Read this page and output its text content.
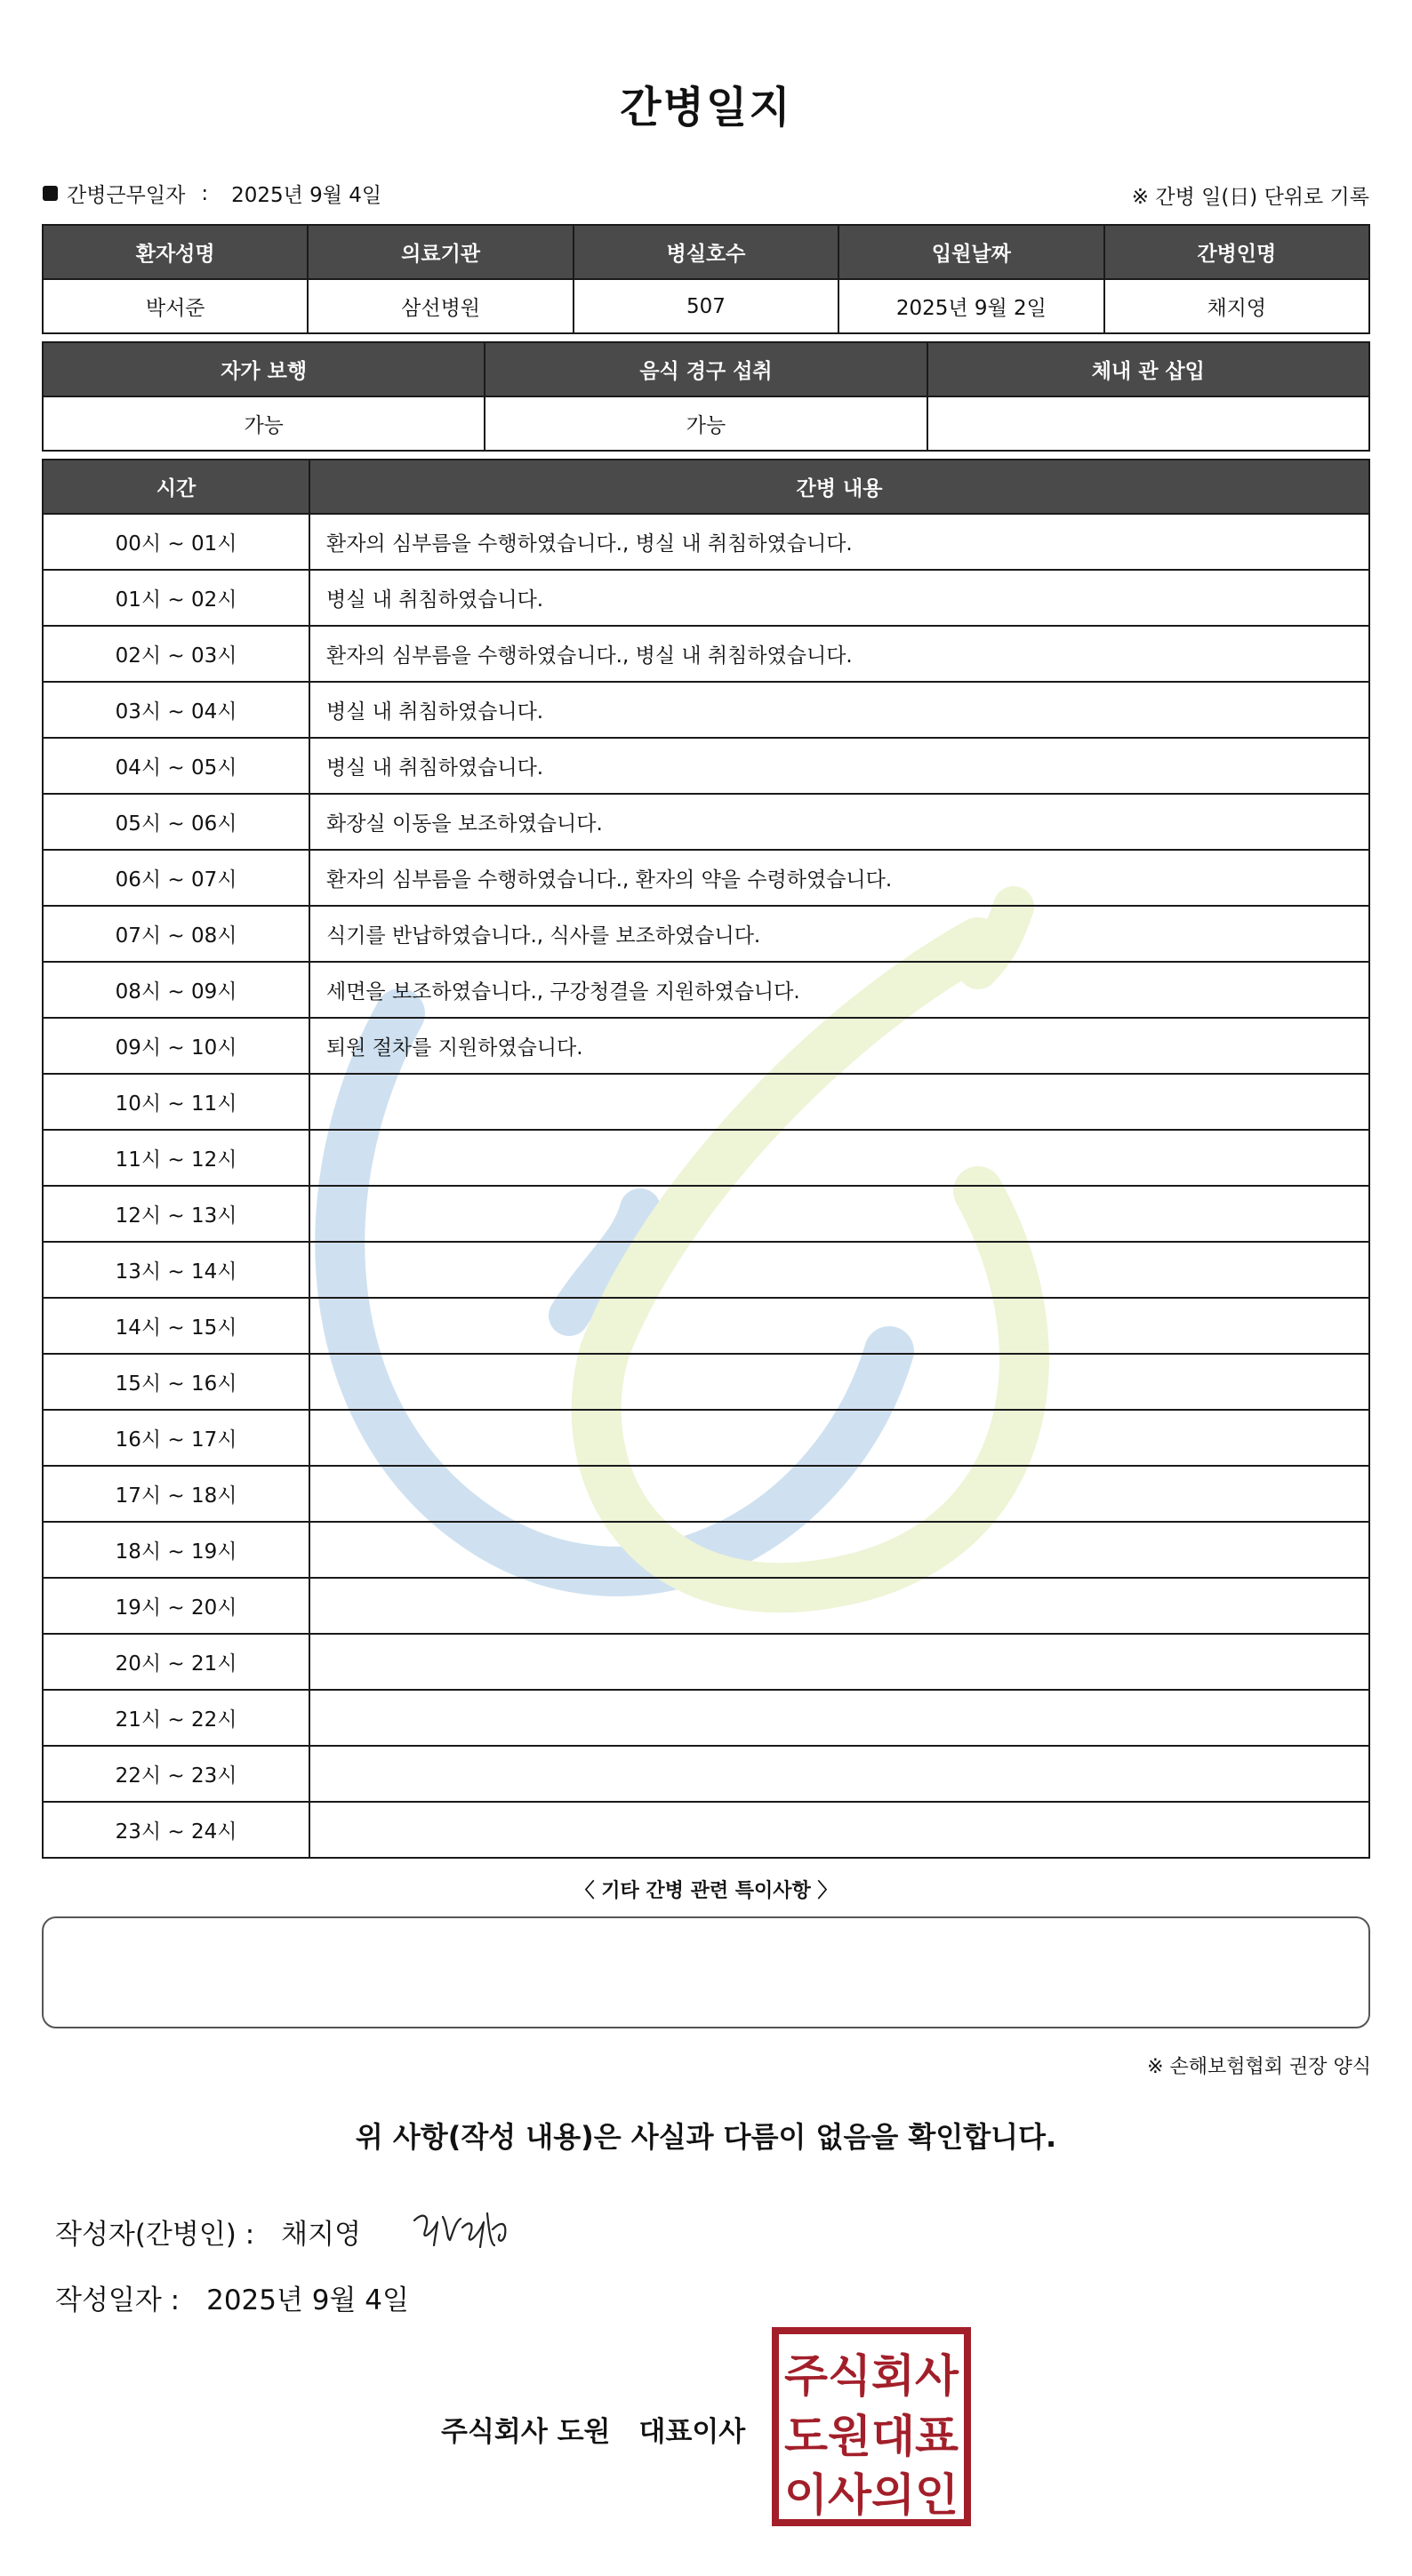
간병일지
간병근무일자 : 2025년 9월 4일	※ 간병 일(日) 단위로 기록
환자성명	의료기관	병실호수	입원날짜	간병인명
박서준	삼선병원	507	2025년 9월 2일	채지영
자가 보행	음식 경구 섭취	체내 관 삽입
가능	가능	
시간	간병 내용
00시 ~ 01시	환자의 심부름을 수행하였습니다., 병실 내 취침하였습니다.
01시 ~ 02시	병실 내 취침하였습니다.
02시 ~ 03시	환자의 심부름을 수행하였습니다., 병실 내 취침하였습니다.
03시 ~ 04시	병실 내 취침하였습니다.
04시 ~ 05시	병실 내 취침하였습니다.
05시 ~ 06시	화장실 이동을 보조하였습니다.
06시 ~ 07시	환자의 심부름을 수행하였습니다., 환자의 약을 수령하였습니다.
07시 ~ 08시	식기를 반납하였습니다., 식사를 보조하였습니다.
08시 ~ 09시	세면을 보조하였습니다., 구강청결을 지원하였습니다.
09시 ~ 10시	퇴원 절차를 지원하였습니다.
10시 ~ 11시	
11시 ~ 12시	
12시 ~ 13시	
13시 ~ 14시	
14시 ~ 15시	
15시 ~ 16시	
16시 ~ 17시	
17시 ~ 18시	
18시 ~ 19시	
19시 ~ 20시	
20시 ~ 21시	
21시 ~ 22시	
22시 ~ 23시	
23시 ~ 24시	
〈 기타 간병 관련 특이사항 〉
※ 손해보험협회 권장 양식
위 사항(작성 내용)은 사실과 다름이 없음을 확인합니다.
작성자(간병인) : 채지영
작성일자 : 2025년 9월 4일
주식회사 도원 대표이사
주식회사
도원대표
이사의인
